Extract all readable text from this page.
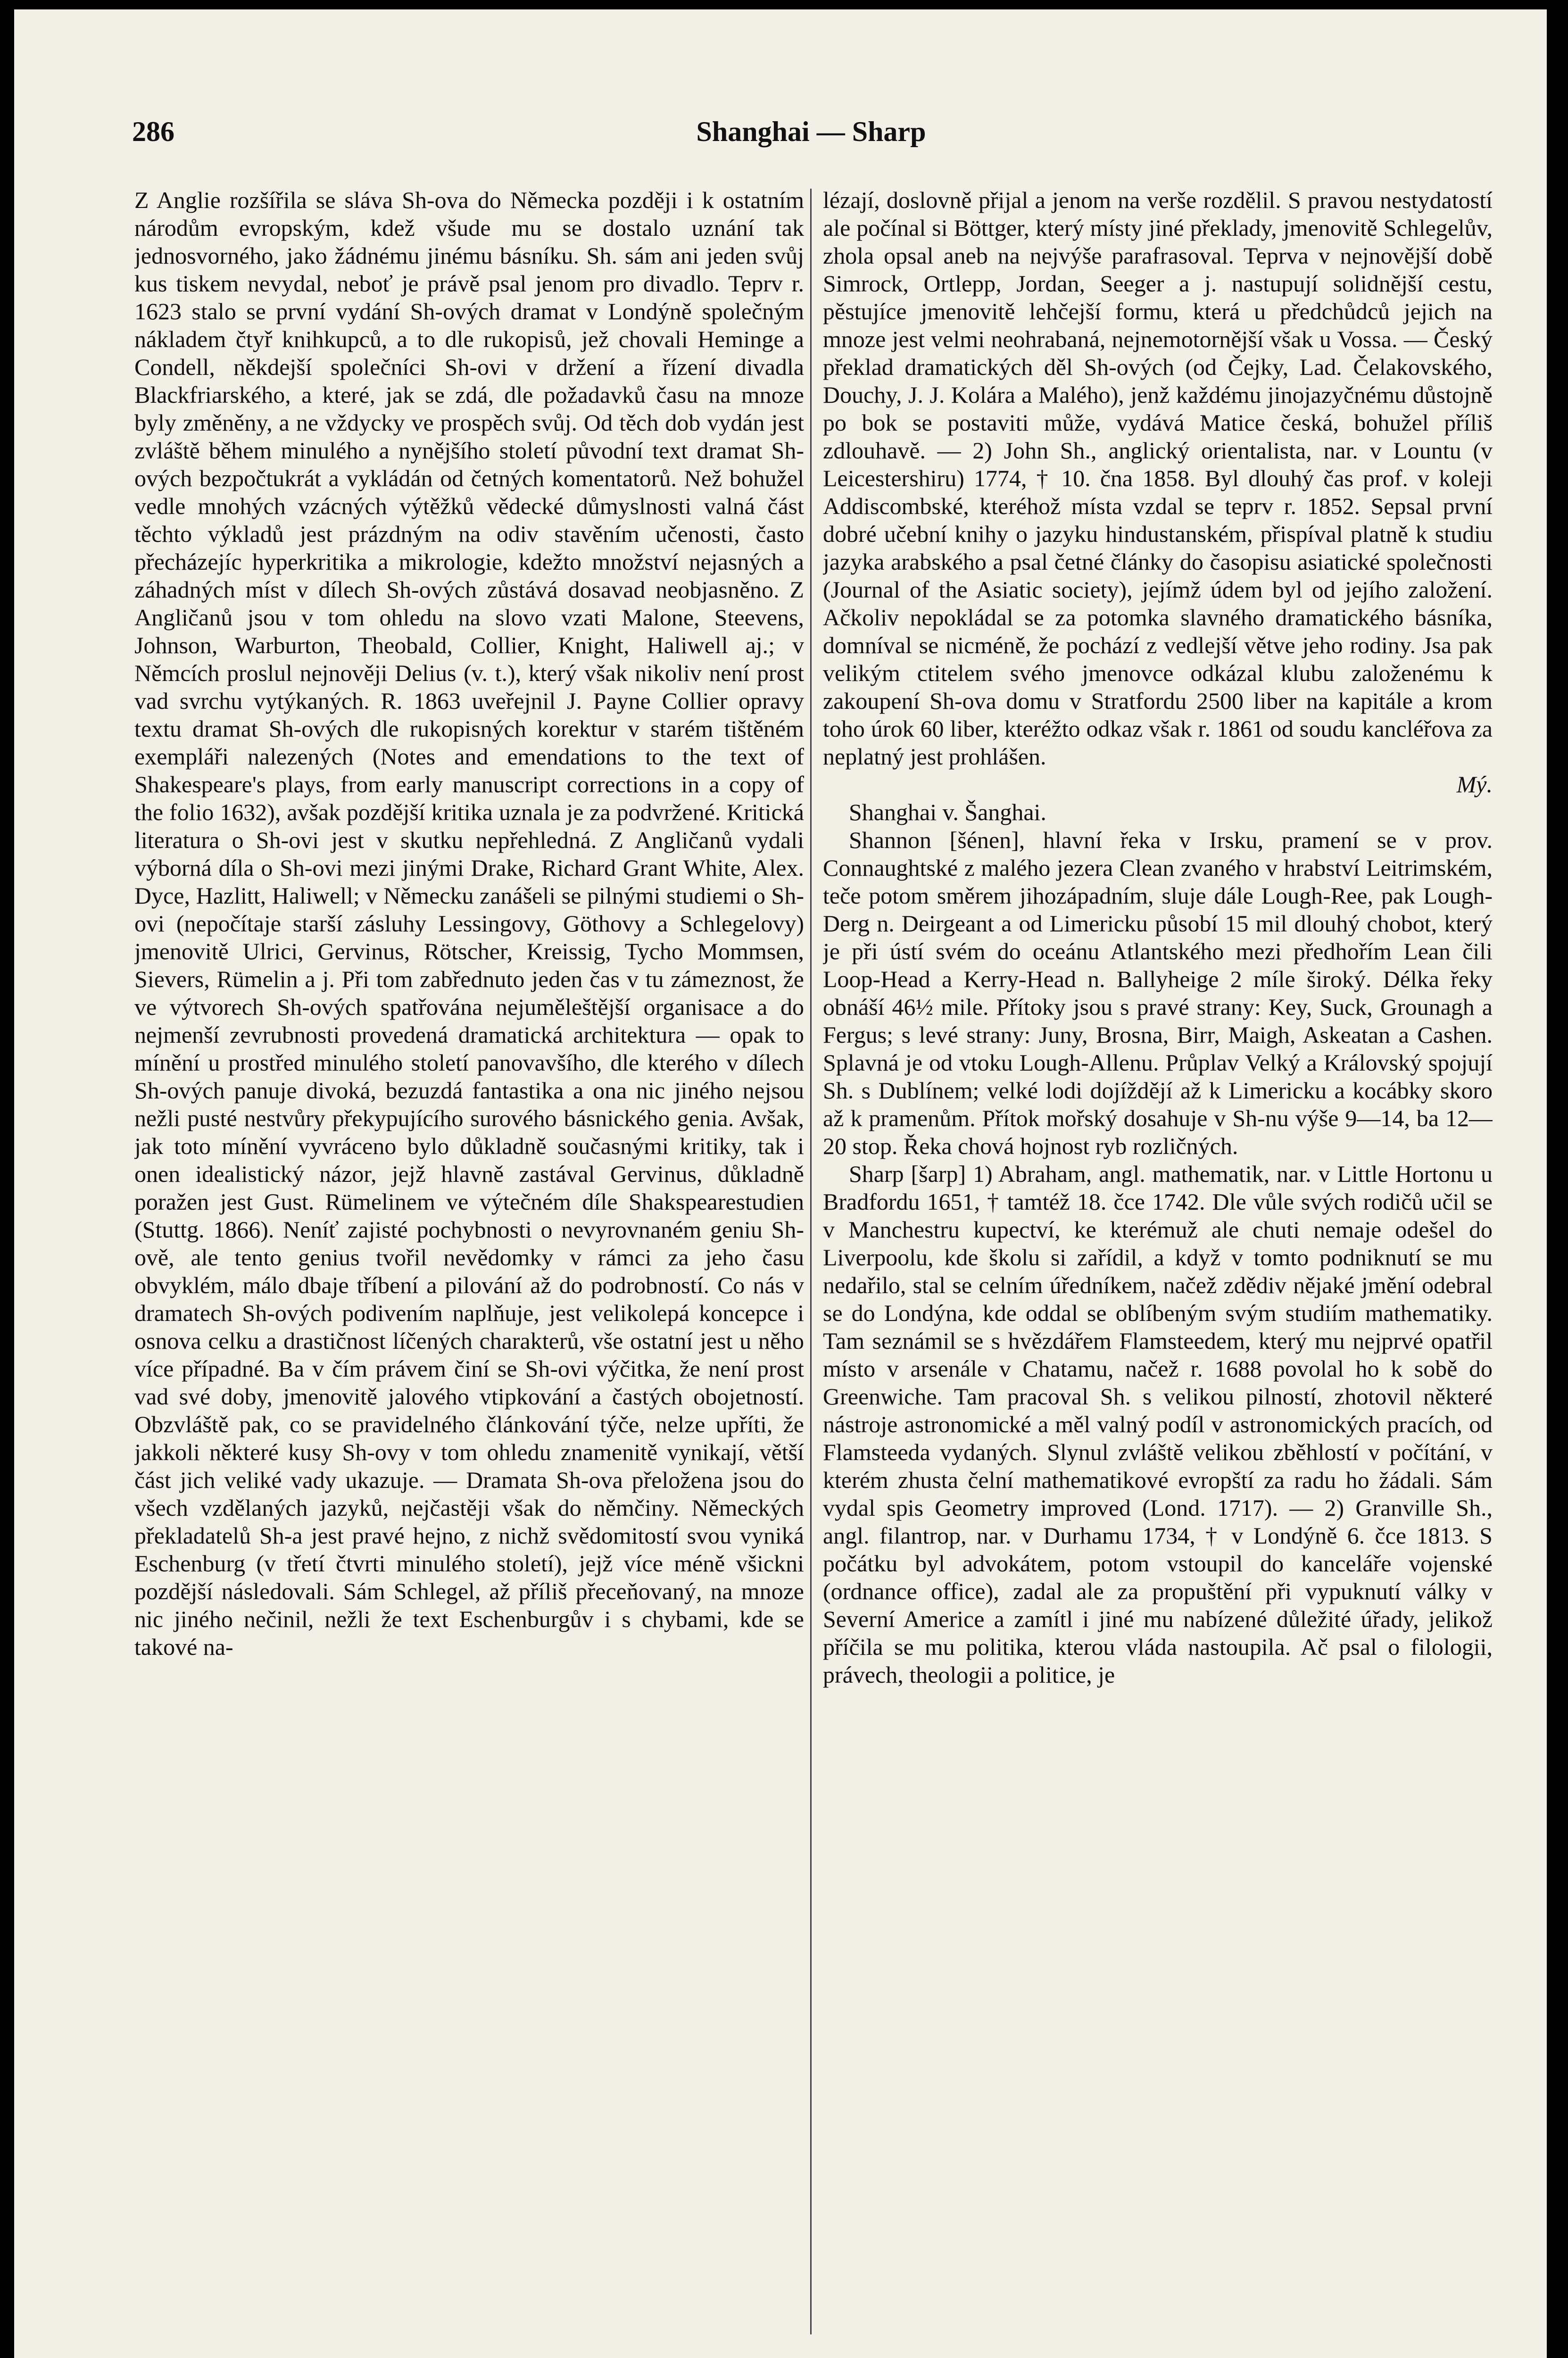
286	Shanghai — Sharp

Z Anglie rozšířila se sláva Sh-ova do Německa později i k ostatním národům evropským, kdež všude mu se dostalo uznání tak jednosvorného, jako žádnému jinému básníku. Sh. sám ani jeden svůj kus tiskem nevydal, neboť je právě psal jenom pro divadlo. Teprv r. 1623 stalo se první vydání Sh-ových dramat v Londýně společným nákladem čtyř knihkupců, a to dle rukopisů, jež chovali Heminge a Condell, někdejší společníci Sh-ovi v držení a řízení divadla Blackfriarského, a které, jak se zdá, dle požadavků času na mnoze byly změněny, a ne vždycky ve prospěch svůj. Od těch dob vydán jest zvláště během minulého a nynějšího století původní text dramat Sh-ových bezpočtukrát a vykládán od četných komentatorů. Než bohužel vedle mnohých vzácných výtěžků vědecké důmyslnosti valná část těchto výkladů jest prázdným na odiv stavěním učenosti, často přecházejíc hyperkritika a mikrologie, kdežto množství nejasných a záhadných míst v dílech Sh-ových zůstává dosavad neobjasněno. Z Angličanů jsou v tom ohledu na slovo vzati Malone, Steevens, Johnson, Warburton, Theobald, Collier, Knight, Haliwell aj.; v Němcích proslul nejnověji Delius (v. t.), který však nikoliv není prost vad svrchu vytýkaných. R. 1863 uveřejnil J. Payne Collier opravy textu dramat Sh-ových dle rukopisných korektur v starém tištěném exempláři nalezených (Notes and emendations to the text of Shakespeare's plays, from early manuscript corrections in a copy of the folio 1632), avšak pozdější kritika uznala je za podvržené. Kritická literatura o Sh-ovi jest v skutku nepřehledná. Z Angličanů vydali výborná díla o Sh-ovi mezi jinými Drake, Richard Grant White, Alex. Dyce, Hazlitt, Haliwell; v Německu zanášeli se pilnými studiemi o Sh-ovi (nepočítaje starší zásluhy Lessingovy, Göthovy a Schlegelovy) jmenovitě Ulrici, Gervinus, Rötscher, Kreissig, Tycho Mommsen, Sievers, Rümelin a j. Při tom zabřednuto jeden čas v tu zámeznost, že ve výtvorech Sh-ových spatřována nejuměleštější organisace a do nejmenší zevrubnosti provedená dramatická architektura — opak to mínění u prostřed minulého století panovavšího, dle kterého v dílech Sh-ových panuje divoká, bezuzdá fantastika a ona nic jiného nejsou nežli pusté nestvůry překypujícího surového básnického genia. Avšak, jak toto mínění vyvráceno bylo důkladně současnými kritiky, tak i onen idealistický názor, jejž hlavně zastával Gervinus, důkladně poražen jest Gust. Rümelinem ve výtečném díle Shakspearestudien (Stuttg. 1866). Neníť zajisté pochybnosti o nevyrovnaném geniu Sh-ově, ale tento genius tvořil nevědomky v rámci za jeho času obvyklém, málo dbaje tříbení a pilování až do podrobností. Co nás v dramatech Sh-ových podivením naplňuje, jest velikolepá koncepce i osnova celku a drastičnost líčených charakterů, vše ostatní jest u něho více případné. Ba v čím právem činí se Sh-ovi výčitka, že není prost vad své doby, jmenovitě jalového vtipkování a častých obojetností. Obzvláště pak, co se pravidelného článkování týče, nelze upříti, že jakkoli některé kusy Sh-ovy v tom ohledu znamenitě vynikají, větší část jich veliké vady ukazuje. — Dramata Sh-ova přeložena jsou do všech vzdělaných jazyků, nejčastěji však do němčiny. Německých překladatelů Sh-a jest pravé hejno, z nichž svědomitostí svou vyniká Eschenburg (v třetí čtvrti minulého století), jejž více méně všickni pozdější následovali. Sám Schlegel, až příliš přeceňovaný, na mnoze nic jiného nečinil, nežli že text Eschenburgův i s chybami, kde se takové na-

lézají, doslovně přijal a jenom na verše rozdělil. S pravou nestydatostí ale počínal si Böttger, který místy jiné překlady, jmenovitě Schlegelův, zhola opsal aneb na nejvýše parafrasoval. Teprva v nejnovější době Simrock, Ortlepp, Jordan, Seeger a j. nastupují solidnější cestu, pěstujíce jmenovitě lehčejší formu, která u předchůdců jejich na mnoze jest velmi neohrabaná, nejnemotornější však u Vossa. — Český překlad dramatických děl Sh-ových (od Čejky, Lad. Čelakovského, Douchy, J. J. Kolára a Malého), jenž každému jinojazyčnému důstojně po bok se postaviti může, vydává Matice česká, bohužel příliš zdlouhavě. — 2) John Sh., anglický orientalista, nar. v Lountu (v Leicestershiru) 1774, † 10. čna 1858. Byl dlouhý čas prof. v koleji Addiscombské, kteréhož místa vzdal se teprv r. 1852. Sepsal první dobré učební knihy o jazyku hindustanském, přispíval platně k studiu jazyka arabského a psal četné články do časopisu asiatické společnosti (Journal of the Asiatic society), jejímž údem byl od jejího založení. Ačkoliv nepokládal se za potomka slavného dramatického básníka, domníval se nicméně, že pochází z vedlejší větve jeho rodiny. Jsa pak velikým ctitelem svého jmenovce odkázal klubu založenému k zakoupení Sh-ova domu v Stratfordu 2500 liber na kapitále a krom toho úrok 60 liber, kteréžto odkaz však r. 1861 od soudu kancléřova za neplatný jest prohlášen.

Mý.

Shanghai v. Šanghai.

Shannon [šénen], hlavní řeka v Irsku, pramení se v prov. Connaughtské z malého jezera Clean zvaného v hrabství Leitrimském, teče potom směrem jihozápadním, sluje dále Lough-Ree, pak Lough-Derg n. Deirgeant a od Limericku působí 15 mil dlouhý chobot, který je při ústí svém do oceánu Atlantského mezi předhořím Lean čili Loop-Head a Kerry-Head n. Ballyheige 2 míle široký. Délka řeky obnáší 46½ mile. Přítoky jsou s pravé strany: Key, Suck, Grounagh a Fergus; s levé strany: Juny, Brosna, Birr, Maigh, Askeatan a Cashen. Splavná je od vtoku Lough-Allenu. Průplav Velký a Královský spojují Sh. s Dublínem; velké lodi dojíždějí až k Limericku a kocábky skoro až k pramenům. Přítok mořský dosahuje v Sh-nu výše 9—14, ba 12—20 stop. Řeka chová hojnost ryb rozličných.

Sharp [šarp] 1) Abraham, angl. mathematik, nar. v Little Hortonu u Bradfordu 1651, † tamtéž 18. čce 1742. Dle vůle svých rodičů učil se v Manchestru kupectví, ke kterémuž ale chuti nemaje odešel do Liverpoolu, kde školu si zařídil, a když v tomto podniknutí se mu nedařilo, stal se celním úředníkem, načež zdědiv nějaké jmění odebral se do Londýna, kde oddal se oblíbeným svým studiím mathematiky. Tam seznámil se s hvězdářem Flamsteedem, který mu nejprvé opatřil místo v arsenále v Chatamu, načež r. 1688 povolal ho k sobě do Greenwiche. Tam pracoval Sh. s velikou pilností, zhotovil některé nástroje astronomické a měl valný podíl v astronomických pracích, od Flamsteeda vydaných. Slynul zvláště velikou zběhlostí v počítání, v kterém zhusta čelní mathematikové evropští za radu ho žádali. Sám vydal spis Geometry improved (Lond. 1717). — 2) Granville Sh., angl. filantrop, nar. v Durhamu 1734, † v Londýně 6. čce 1813. S počátku byl advokátem, potom vstoupil do kanceláře vojenské (ordnance office), zadal ale za propuštění při vypuknutí války v Severní Americe a zamítl i jiné mu nabízené důležité úřady, jelikož příčila se mu politika, kterou vláda nastoupila. Ač psal o filologii, právech, theologii a politice, je
